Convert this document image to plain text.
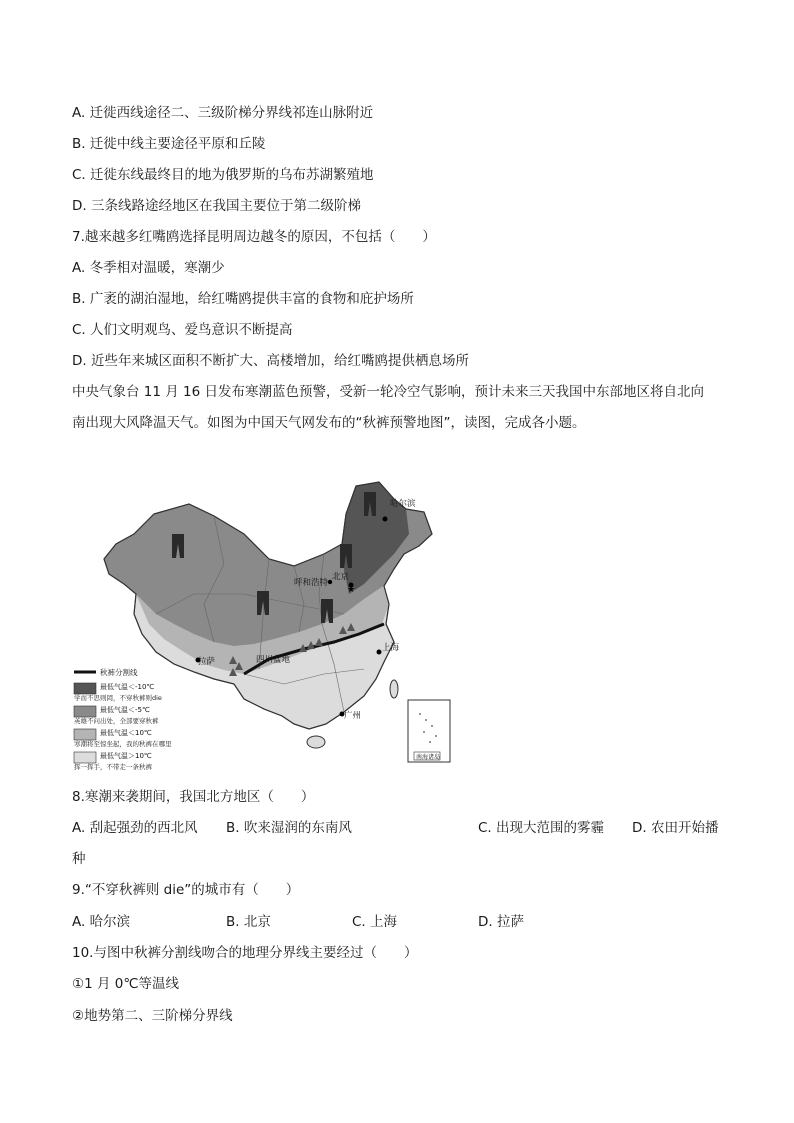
A. 迁徙西线途径二、三级阶梯分界线祁连山脉附近
B. 迁徙中线主要途径平原和丘陵
C. 迁徙东线最终目的地为俄罗斯的乌布苏湖繁殖地
D. 三条线路途经地区在我国主要位于第二级阶梯
7.越来越多红嘴鸥选择昆明周边越冬的原因，不包括（　　）
A. 冬季相对温暖，寒潮少
B. 广袤的湖泊湿地，给红嘴鸥提供丰富的食物和庇护场所
C. 人们文明观鸟、爱鸟意识不断提高
D. 近些年来城区面积不断扩大、高楼增加，给红嘴鸥提供栖息场所
中央气象台 11 月 16 日发布寒潮蓝色预警，受新一轮冷空气影响，预计未来三天我国中东部地区将自北向
南出现大风降温天气。如图为中国天气网发布的“秋裤预警地图”，读图，完成各小题。
★
哈尔滨
呼和浩特
北京
上海
拉萨	四川盆地
广州
南海诸岛
秋裤分割线
最低气温＜-10℃
学而不思则罔，不穿秋裤则die
最低气温＜-5℃
英雄不问出处，全部要穿秋裤
最低气温＜10℃
寒潮将至惊坐起，我的秋裤在哪里
最低气温＞10℃
挥一挥手，不带走一条秋裤
8.寒潮来袭期间，我国北方地区（　　）
A. 刮起强劲的西北风 B. 吹来湿润的东南风	C. 出现大范围的雾霾 D. 农田开始播
种
9.“不穿秋裤则 die”的城市有（　　）
A. 哈尔滨	B. 北京	C. 上海	D. 拉萨
10.与图中秋裤分割线吻合的地理分界线主要经过（　　）
①1 月 0℃等温线
②地势第二、三阶梯分界线
